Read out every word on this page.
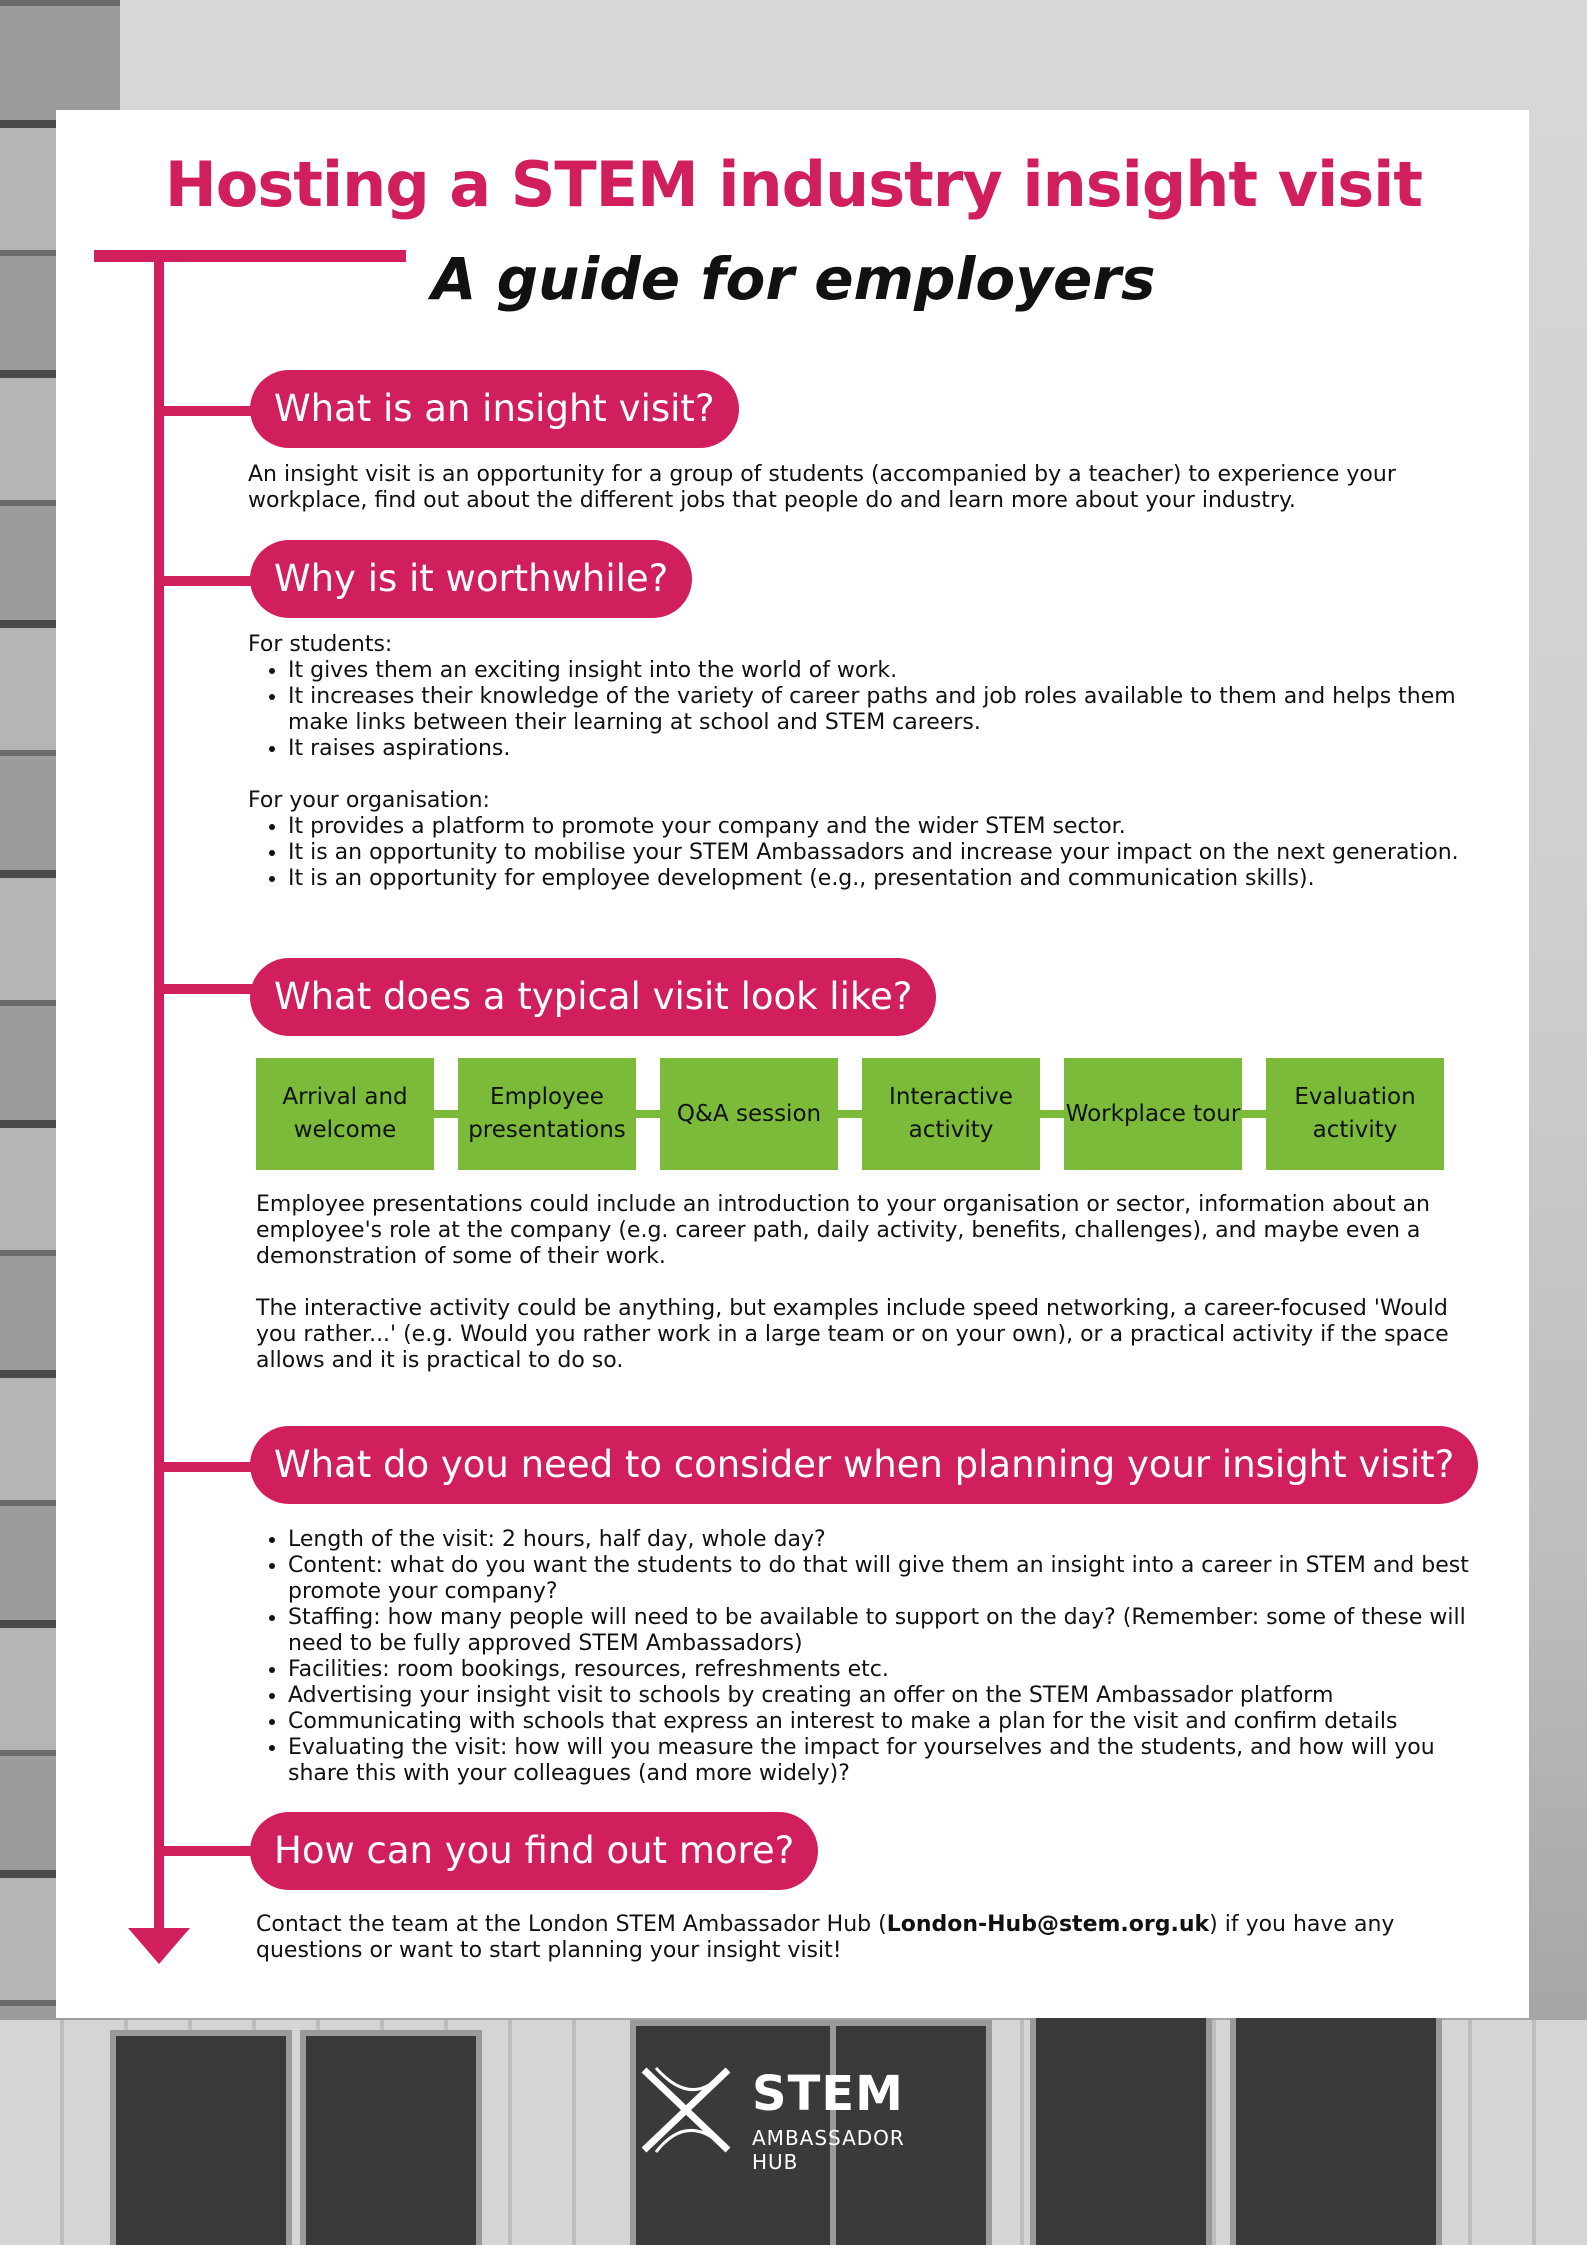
Hosting a STEM industry insight visit
A guide for employers
What is an insight visit?

An insight visit is an opportunity for a group of students (accompanied by a teacher) to experience your workplace, find out about the different jobs that people do and learn more about your industry.

Why is it worthwhile?

For students:

• It gives them an exciting insight into the world of work.
• It increases their knowledge of the variety of career paths and job roles available to them and helps them make links between their learning at school and STEM careers.
• It raises aspirations.

For your organisation:

• It provides a platform to promote your company and the wider STEM sector.
• It is an opportunity to mobilise your STEM Ambassadors and increase your impact on the next generation.
• It is an opportunity for employee development (e.g., presentation and communication skills).
What does a typical visit look like?
Arrival and welcome
Employee presentations
Q&A session
Interactive activity
Workplace tour
Evaluation activity

Employee presentations could include an introduction to your organisation or sector, information about an employee's role at the company (e.g. career path, daily activity, benefits, challenges), and maybe even a demonstration of some of their work.

The interactive activity could be anything, but examples include speed networking, a career-focused 'Would you rather...' (e.g. Would you rather work in a large team or on your own), or a practical activity if the space allows and it is practical to do so.

What do you need to consider when planning your insight visit?
• Length of the visit: 2 hours, half day, whole day?
• Content: what do you want the students to do that will give them an insight into a career in STEM and best promote your company?
• Staffing: how many people will need to be available to support on the day? (Remember: some of these will need to be fully approved STEM Ambassadors)
• Facilities: room bookings, resources, refreshments etc.
• Advertising your insight visit to schools by creating an offer on the STEM Ambassador platform
• Communicating with schools that express an interest to make a plan for the visit and confirm details
• Evaluating the visit: how will you measure the impact for yourselves and the students, and how will you share this with your colleagues (and more widely)?
How can you find out more?

Contact the team at the London STEM Ambassador Hub (London-Hub@stem.org.uk) if you have any questions or want to start planning your insight visit!

STEM
AMBASSADOR HUB
